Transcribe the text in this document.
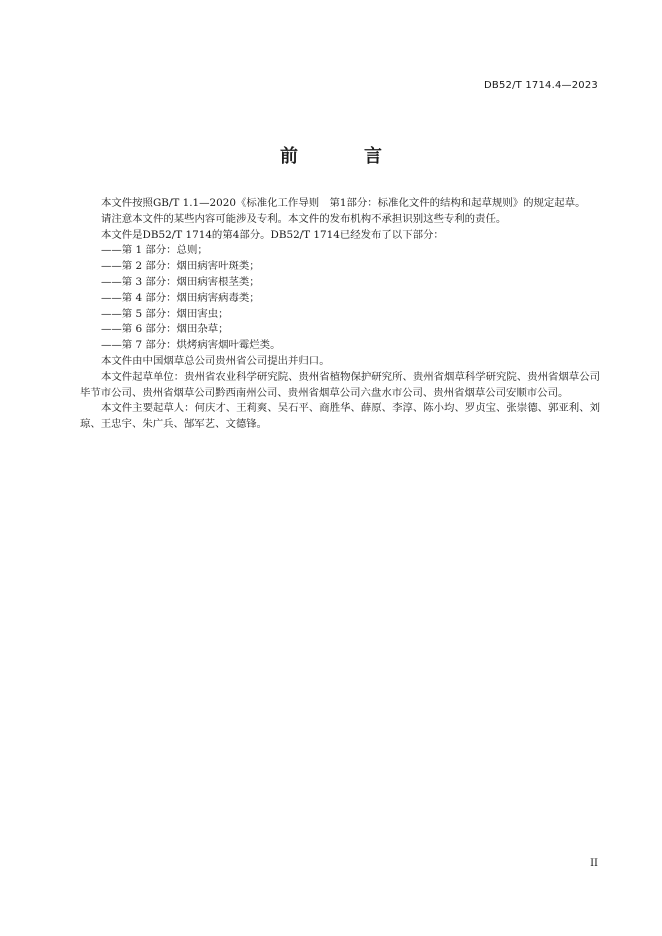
DB52/T 1714.4—2023
前　言

本文件按照GB/T 1.1—2020《标准化工作导则　第1部分：标准化文件的结构和起草规则》的规定起草。

请注意本文件的某些内容可能涉及专利。本文件的发布机构不承担识别这些专利的责任。

本文件是DB52/T 1714的第4部分。DB52/T 1714已经发布了以下部分：

——第 1 部分：总则；

——第 2 部分：烟田病害叶斑类；

——第 3 部分：烟田病害根茎类；

——第 4 部分：烟田病害病毒类；

——第 5 部分：烟田害虫；

——第 6 部分：烟田杂草；

——第 7 部分：烘烤病害烟叶霉烂类。

本文件由中国烟草总公司贵州省公司提出并归口。

本文件起草单位：贵州省农业科学研究院、贵州省植物保护研究所、贵州省烟草科学研究院、贵州省烟草公司毕节市公司、贵州省烟草公司黔西南州公司、贵州省烟草公司六盘水市公司、贵州省烟草公司安顺市公司。

本文件主要起草人：何庆才、王莉爽、吴石平、商胜华、薛原、李淳、陈小均、罗贞宝、张崇德、郭亚利、刘琼、王忠宇、朱广兵、郜军艺、文德锋。

II
